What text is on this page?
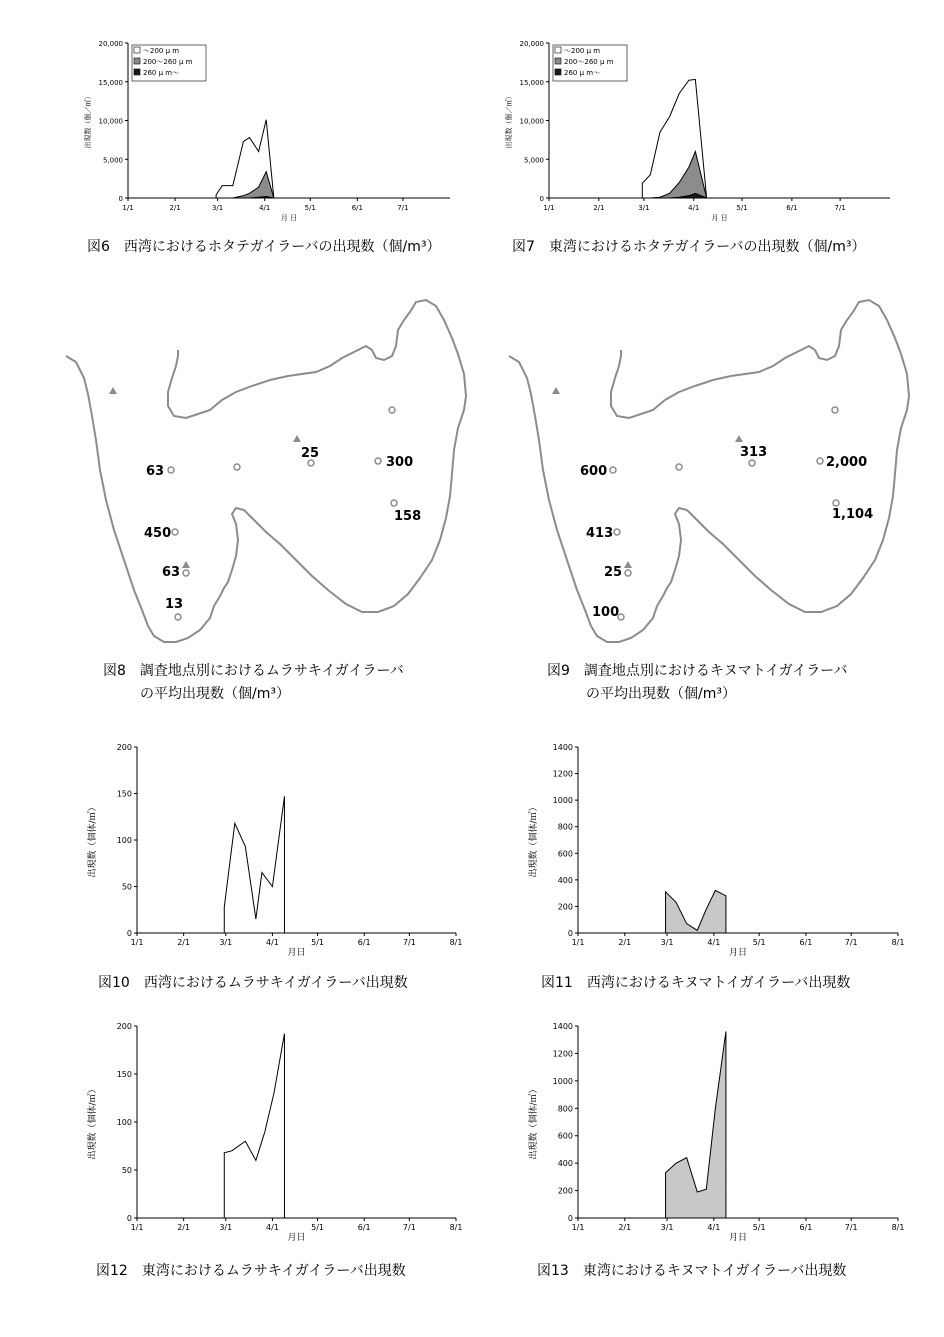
0
5,000
10,000
15,000
20,000
1/1	2/1	3/1	4/1	5/1	6/1	7/1
月 日
出現数（個／㎥）
～200 μ m
200～260 μ m
260 μ m～
0
5,000
10,000
15,000
20,000
1/1	2/1	3/1	4/1	5/1	6/1	7/1
月 日
出現数（個／㎥）
～200 μ m
200～260 μ m
260 μ m～
0
50
100
150
200
1/1	2/1	3/1	4/1	5/1	6/1	7/1	8/1
月日
出現数（個体/㎥）
0
50
100
150
200
1/1	2/1	3/1	4/1	5/1	6/1	7/1	8/1
月日
出現数（個体/㎥）
0
200
400
600
800
1000
1200
1400
1/1	2/1	3/1	4/1	5/1	6/1	7/1	8/1
月日
出現数（個体/㎥）
0
200
400
600
800
1000
1200
1400
1/1	2/1	3/1	4/1	5/1	6/1	7/1	8/1
月日
出現数（個体/㎥）
63
450
63
13
25
300
158
600
413
25
100
313
2,000
1,104
図6　西湾におけるホタテガイラーバの出現数（個/m³）	図7　東湾におけるホタテガイラーバの出現数（個/m³）
図8　調査地点別におけるムラサキイガイラーバ
の平均出現数（個/m³）
図9　調査地点別におけるキヌマトイガイラーバ
の平均出現数（個/m³）
図10　西湾におけるムラサキイガイラーバ出現数	図11　西湾におけるキヌマトイガイラーバ出現数
図12　東湾におけるムラサキイガイラーバ出現数	図13　東湾におけるキヌマトイガイラーバ出現数
